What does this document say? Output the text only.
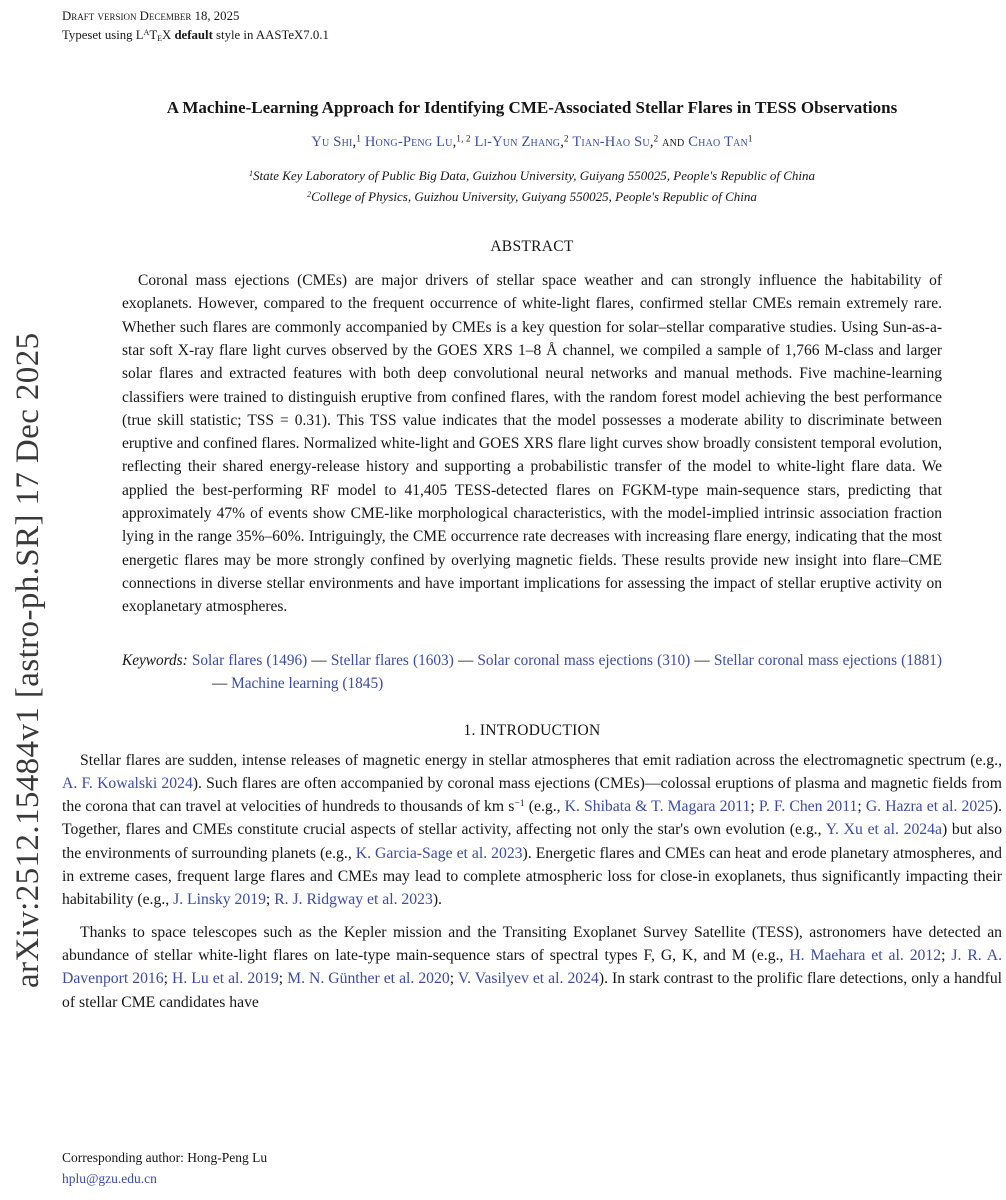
arXiv:2512.15484v1 [astro-ph.SR] 17 Dec 2025
Draft version December 18, 2025
Typeset using $L^AT_EX$ default style in AASTeX7.0.1
A Machine-Learning Approach for Identifying CME-Associated Stellar Flares in TESS Observations
Yu Shi,$^1$ Hong-Peng Lu,$^{1, 2}$ Li-Yun Zhang,$^2$ Tian-Hao Su,$^2$ and Chao Tan$^1$
$^1$State Key Laboratory of Public Big Data, Guizhou University, Guiyang 550025, People's Republic of China
$^2$College of Physics, Guizhou University, Guiyang 550025, People's Republic of China
ABSTRACT

Coronal mass ejections (CMEs) are major drivers of stellar space weather and can strongly influence the habitability of exoplanets. However, compared to the frequent occurrence of white-light flares, confirmed stellar CMEs remain extremely rare. Whether such flares are commonly accompanied by CMEs is a key question for solar–stellar comparative studies. Using Sun-as-a-star soft X-ray flare light curves observed by the GOES XRS 1–8 Å channel, we compiled a sample of 1,766 M-class and larger solar flares and extracted features with both deep convolutional neural networks and manual methods. Five machine-learning classifiers were trained to distinguish eruptive from confined flares, with the random forest model achieving the best performance (true skill statistic; TSS = 0.31). This TSS value indicates that the model possesses a moderate ability to discriminate between eruptive and confined flares. Normalized white-light and GOES XRS flare light curves show broadly consistent temporal evolution, reflecting their shared energy-release history and supporting a probabilistic transfer of the model to white-light flare data. We applied the best-performing RF model to 41,405 TESS-detected flares on FGKM-type main-sequence stars, predicting that approximately 47% of events show CME-like morphological characteristics, with the model-implied intrinsic association fraction lying in the range 35%–60%. Intriguingly, the CME occurrence rate decreases with increasing flare energy, indicating that the most energetic flares may be more strongly confined by overlying magnetic fields. These results provide new insight into flare–CME connections in diverse stellar environments and have important implications for assessing the impact of stellar eruptive activity on exoplanetary atmospheres.

Keywords: Solar flares (1496) — Stellar flares (1603) — Solar coronal mass ejections (310) — Stellar coronal mass ejections (1881) — Machine learning (1845)
1. INTRODUCTION

Stellar flares are sudden, intense releases of magnetic energy in stellar atmospheres that emit radiation across the electromagnetic spectrum (e.g., A. F. Kowalski 2024). Such flares are often accompanied by coronal mass ejections (CMEs)—colossal eruptions of plasma and magnetic fields from the corona that can travel at velocities of hundreds to thousands of km $s^{-1}$ (e.g., K. Shibata & T. Magara 2011; P. F. Chen 2011; G. Hazra et al. 2025). Together, flares and CMEs constitute crucial aspects of stellar activity, affecting not only the star's own evolution (e.g., Y. Xu et al. 2024a) but also the environments of surrounding planets (e.g., K. Garcia-Sage et al. 2023). Energetic flares and CMEs can heat and erode planetary atmospheres, and in extreme cases, frequent large flares and CMEs may lead to complete atmospheric loss for close-in exoplanets, thus significantly impacting their habitability (e.g., J. Linsky 2019; R. J. Ridgway et al. 2023).

Thanks to space telescopes such as the Kepler mission and the Transiting Exoplanet Survey Satellite (TESS), astronomers have detected an abundance of stellar white-light flares on late-type main-sequence stars of spectral types F, G, K, and M (e.g., H. Maehara et al. 2012; J. R. A. Davenport 2016; H. Lu et al. 2019; M. N. Günther et al. 2020; V. Vasilyev et al. 2024). In stark contrast to the prolific flare detections, only a handful of stellar CME candidates have

Corresponding author: Hong-Peng Lu
hplu@gzu.edu.cn
